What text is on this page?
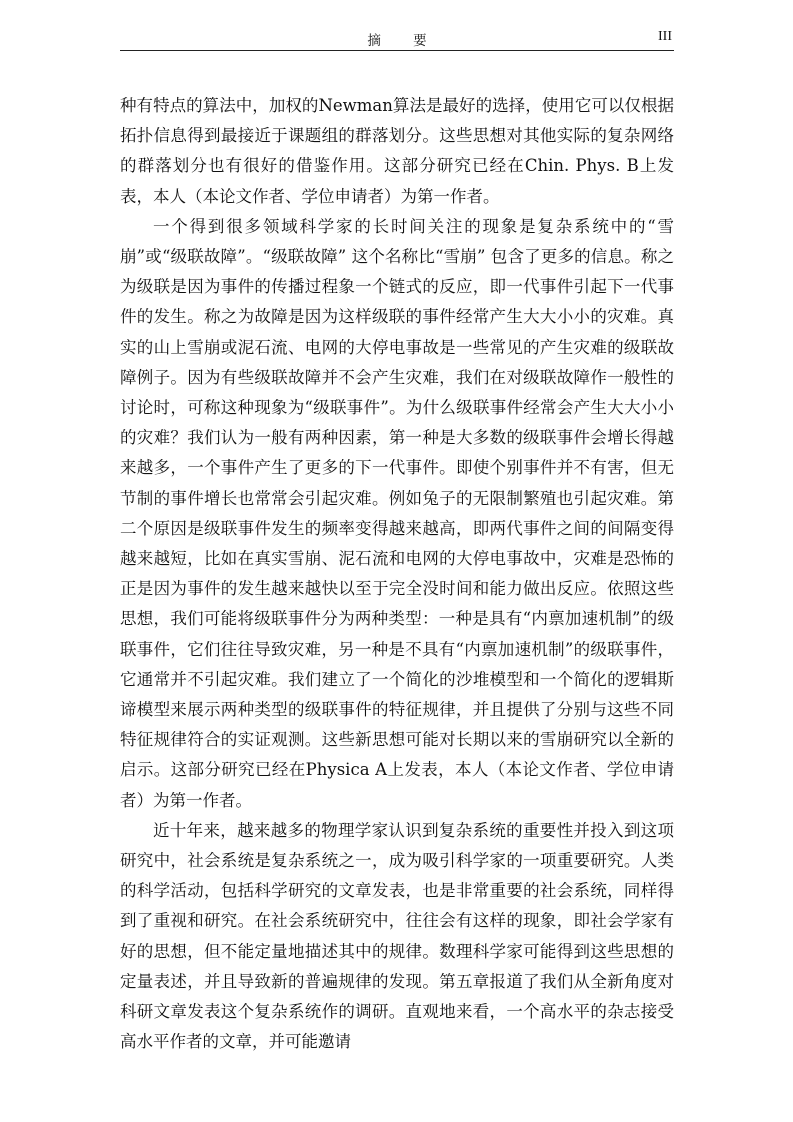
摘 要	III

种有特点的算法中，加权的Newman算法是最好的选择，使用它可以仅根据拓扑信息得到最接近于课题组的群落划分。这些思想对其他实际的复杂网络的群落划分也有很好的借鉴作用。这部分研究已经在Chin. Phys. B上发表，本人（本论文作者、学位申请者）为第一作者。

一个得到很多领域科学家的长时间关注的现象是复杂系统中的“雪崩”或“级联故障”。“级联故障” 这个名称比“雪崩” 包含了更多的信息。称之为级联是因为事件的传播过程象一个链式的反应，即一代事件引起下一代事件的发生。称之为故障是因为这样级联的事件经常产生大大小小的灾难。真实的山上雪崩或泥石流、电网的大停电事故是一些常见的产生灾难的级联故障例子。因为有些级联故障并不会产生灾难，我们在对级联故障作一般性的讨论时，可称这种现象为“级联事件”。为什么级联事件经常会产生大大小小的灾难？我们认为一般有两种因素，第一种是大多数的级联事件会增长得越来越多，一个事件产生了更多的下一代事件。即使个别事件并不有害，但无节制的事件增长也常常会引起灾难。例如兔子的无限制繁殖也引起灾难。第二个原因是级联事件发生的频率变得越来越高，即两代事件之间的间隔变得越来越短，比如在真实雪崩、泥石流和电网的大停电事故中，灾难是恐怖的正是因为事件的发生越来越快以至于完全没时间和能力做出反应。依照这些思想，我们可能将级联事件分为两种类型：一种是具有“内禀加速机制”的级联事件，它们往往导致灾难，另一种是不具有“内禀加速机制”的级联事件，它通常并不引起灾难。我们建立了一个简化的沙堆模型和一个简化的逻辑斯谛模型来展示两种类型的级联事件的特征规律，并且提供了分别与这些不同特征规律符合的实证观测。这些新思想可能对长期以来的雪崩研究以全新的启示。这部分研究已经在Physica A上发表，本人（本论文作者、学位申请者）为第一作者。

近十年来，越来越多的物理学家认识到复杂系统的重要性并投入到这项研究中，社会系统是复杂系统之一，成为吸引科学家的一项重要研究。人类的科学活动，包括科学研究的文章发表，也是非常重要的社会系统，同样得到了重视和研究。在社会系统研究中，往往会有这样的现象，即社会学家有好的思想，但不能定量地描述其中的规律。数理科学家可能得到这些思想的定量表述，并且导致新的普遍规律的发现。第五章报道了我们从全新角度对科研文章发表这个复杂系统作的调研。直观地来看，一个高水平的杂志接受高水平作者的文章，并可能邀请
